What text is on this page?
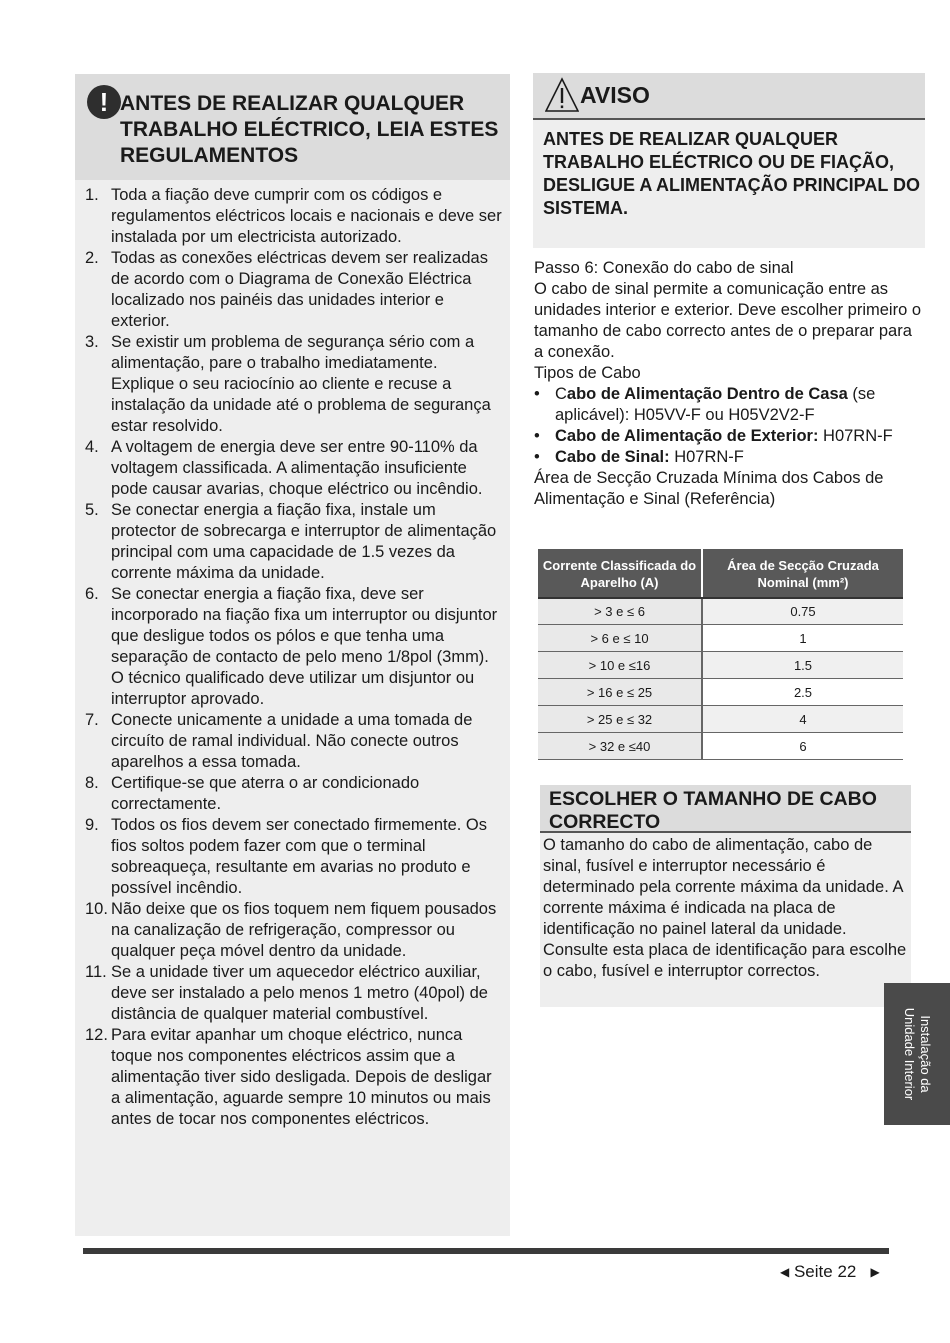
! ANTES DE REALIZAR QUALQUER TRABALHO ELÉCTRICO, LEIA ESTES REGULAMENTOS
1. Toda a fiação deve cumprir com os códigos e regulamentos eléctricos locais e nacionais e deve ser instalada por um electricista autorizado.
2. Todas as conexões eléctricas devem ser realizadas de acordo com o Diagrama de Conexão Eléctrica localizado nos painéis das unidades interior e exterior.
3. Se existir um problema de segurança sério com a alimentação, pare o trabalho imediatamente. Explique o seu raciocínio ao cliente e recuse a instalação da unidade até o problema de segurança estar resolvido.
4. A voltagem de energia deve ser entre 90-110% da voltagem classificada. A alimentação insuficiente pode causar avarias, choque eléctrico ou incêndio.
5. Se conectar energia a fiação fixa, instale um protector de sobrecarga e interruptor de alimentação principal com uma capacidade de 1.5 vezes da corrente máxima da unidade.
6. Se conectar energia a fiação fixa, deve ser incorporado na fiação fixa um interruptor ou disjuntor que desligue todos os pólos e que tenha uma separação de contacto de pelo meno 1/8pol (3mm). O técnico qualificado deve utilizar um disjuntor ou interruptor aprovado.
7. Conecte unicamente a unidade a uma tomada de circuíto de ramal individual. Não conecte outros aparelhos a essa tomada.
8. Certifique-se que aterra o ar condicionado correctamente.
9. Todos os fios devem ser conectado firmemente. Os fios soltos podem fazer com que o terminal sobreaqueça, resultante em avarias no produto e possível incêndio.
10. Não deixe que os fios toquem nem fiquem pousados na canalização de refrigeração, compressor ou qualquer peça móvel dentro da unidade.
11. Se a unidade tiver um aquecedor eléctrico auxiliar, deve ser instalado a pelo menos 1 metro (40pol) de distância de qualquer material combustível.
12. Para evitar apanhar um choque eléctrico, nunca toque nos componentes eléctricos assim que a alimentação tiver sido desligada. Depois de desligar a alimentação, aguarde sempre 10 minutos ou mais antes de tocar nos componentes eléctricos.
AVISO

ANTES DE REALIZAR QUALQUER TRABALHO ELÉCTRICO OU DE FIAÇÃO, DESLIGUE A ALIMENTAÇÃO PRINCIPAL DO SISTEMA.

Passo 6: Conexão do cabo de sinal

O cabo de sinal permite a comunicação entre as unidades interior e exterior. Deve escolher primeiro o tamanho de cabo correcto antes de o preparar para a conexão.

Tipos de Cabo

• Cabo de Alimentação Dentro de Casa (se aplicável): H05VV-F ou H05V2V2-F
• Cabo de Alimentação de Exterior: H07RN-F
• Cabo de Sinal: H07RN-F

Área de Secção Cruzada Mínima dos Cabos de Alimentação e Sinal (Referência)

Corrente Classificada do Aparelho (A)	Área de Secção Cruzada Nominal (mm²)
> 3 e ≤ 6	0.75
> 6 e ≤ 10	1
> 10 e ≤16	1.5
> 16 e ≤ 25	2.5
> 25 e ≤ 32	4
> 32 e ≤40	6
ESCOLHER O TAMANHO DE CABO CORRECTO

O tamanho do cabo de alimentação, cabo de sinal, fusível e interruptor necessário é determinado pela corrente máxima da unidade. A corrente máxima é indicada na placa de identificação no painel lateral da unidade. Consulte esta placa de identificação para escolhe o cabo, fusível e interruptor correctos.

Instalação da
Unidade Interior
◀ Seite 22 ▶
